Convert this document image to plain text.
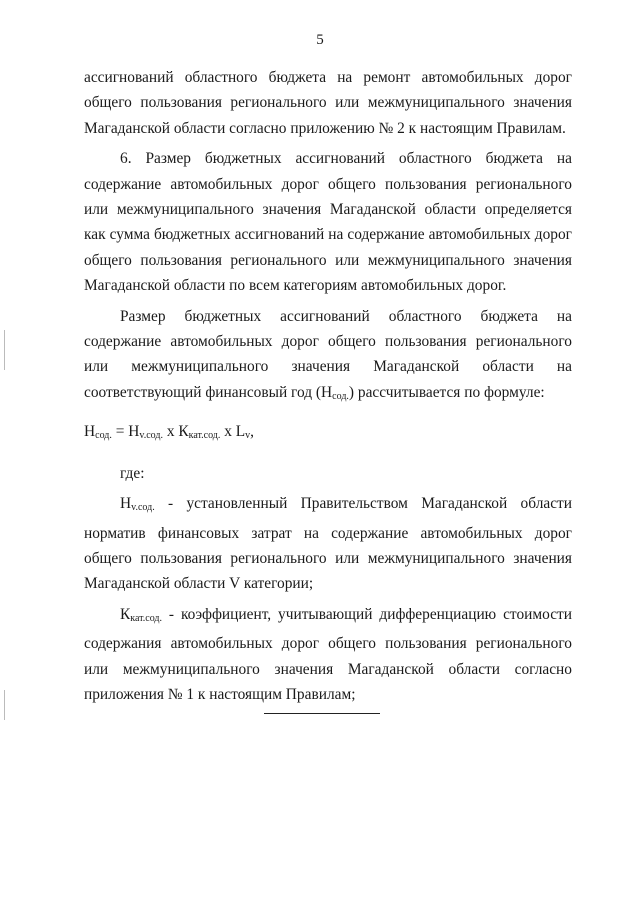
5

ассигнований областного бюджета на ремонт автомобильных дорог общего пользования регионального или межмуниципального значения Магаданской области согласно приложению № 2 к настоящим Правилам.

6. Размер бюджетных ассигнований областного бюджета на содержание автомобильных дорог общего пользования регионального или межмуниципального значения Магаданской области определяется как сумма бюджетных ассигнований на содержание автомобильных дорог общего пользования регионального или межмуниципального значения Магаданской области по всем категориям автомобильных дорог.

Размер бюджетных ассигнований областного бюджета на содержание автомобильных дорог общего пользования регионального или межмуниципального значения Магаданской области на соответствующий финансовый год $(Н_{сод.})$ рассчитывается по формуле:

$Н_{сод.} = Н_{v.сод.}$ х $К_{кат.сод.}$ х $L_v$,

где:

$Н_{v.сод.}$ - установленный Правительством Магаданской области норматив финансовых затрат на содержание автомобильных дорог общего пользования регионального или межмуниципального значения Магаданской области V категории;

$К_{кат.сод.}$ - коэффициент, учитывающий дифференциацию стоимости содержания автомобильных дорог общего пользования регионального или межмуниципального значения Магаданской области согласно приложения № 1 к настоящим Правилам;
